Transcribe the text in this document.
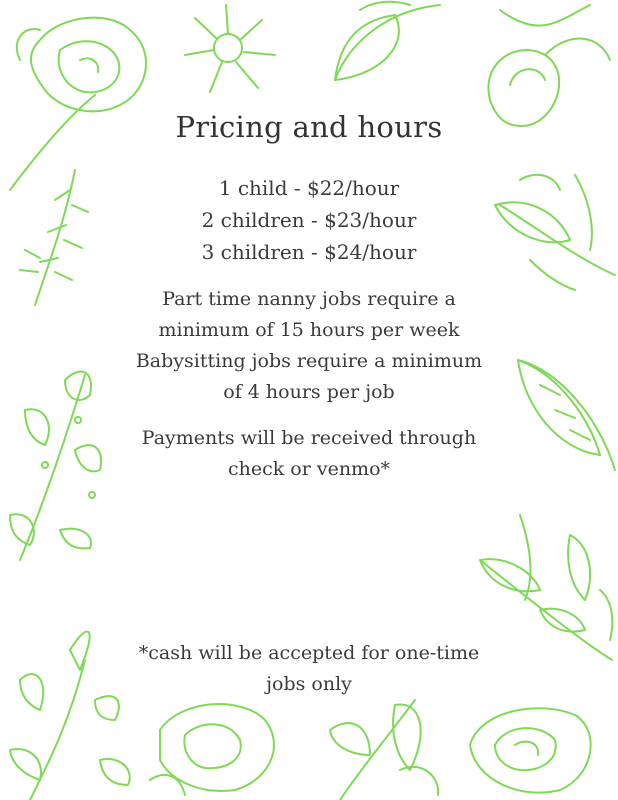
Pricing and hours
1 child - $22/hour
2 children - $23/hour
3 children - $24/hour
Part time nanny jobs require a minimum of 15 hours per week Babysitting jobs require a minimum of 4 hours per job
Payments will be received through check or venmo*
*cash will be accepted for one-time jobs only
